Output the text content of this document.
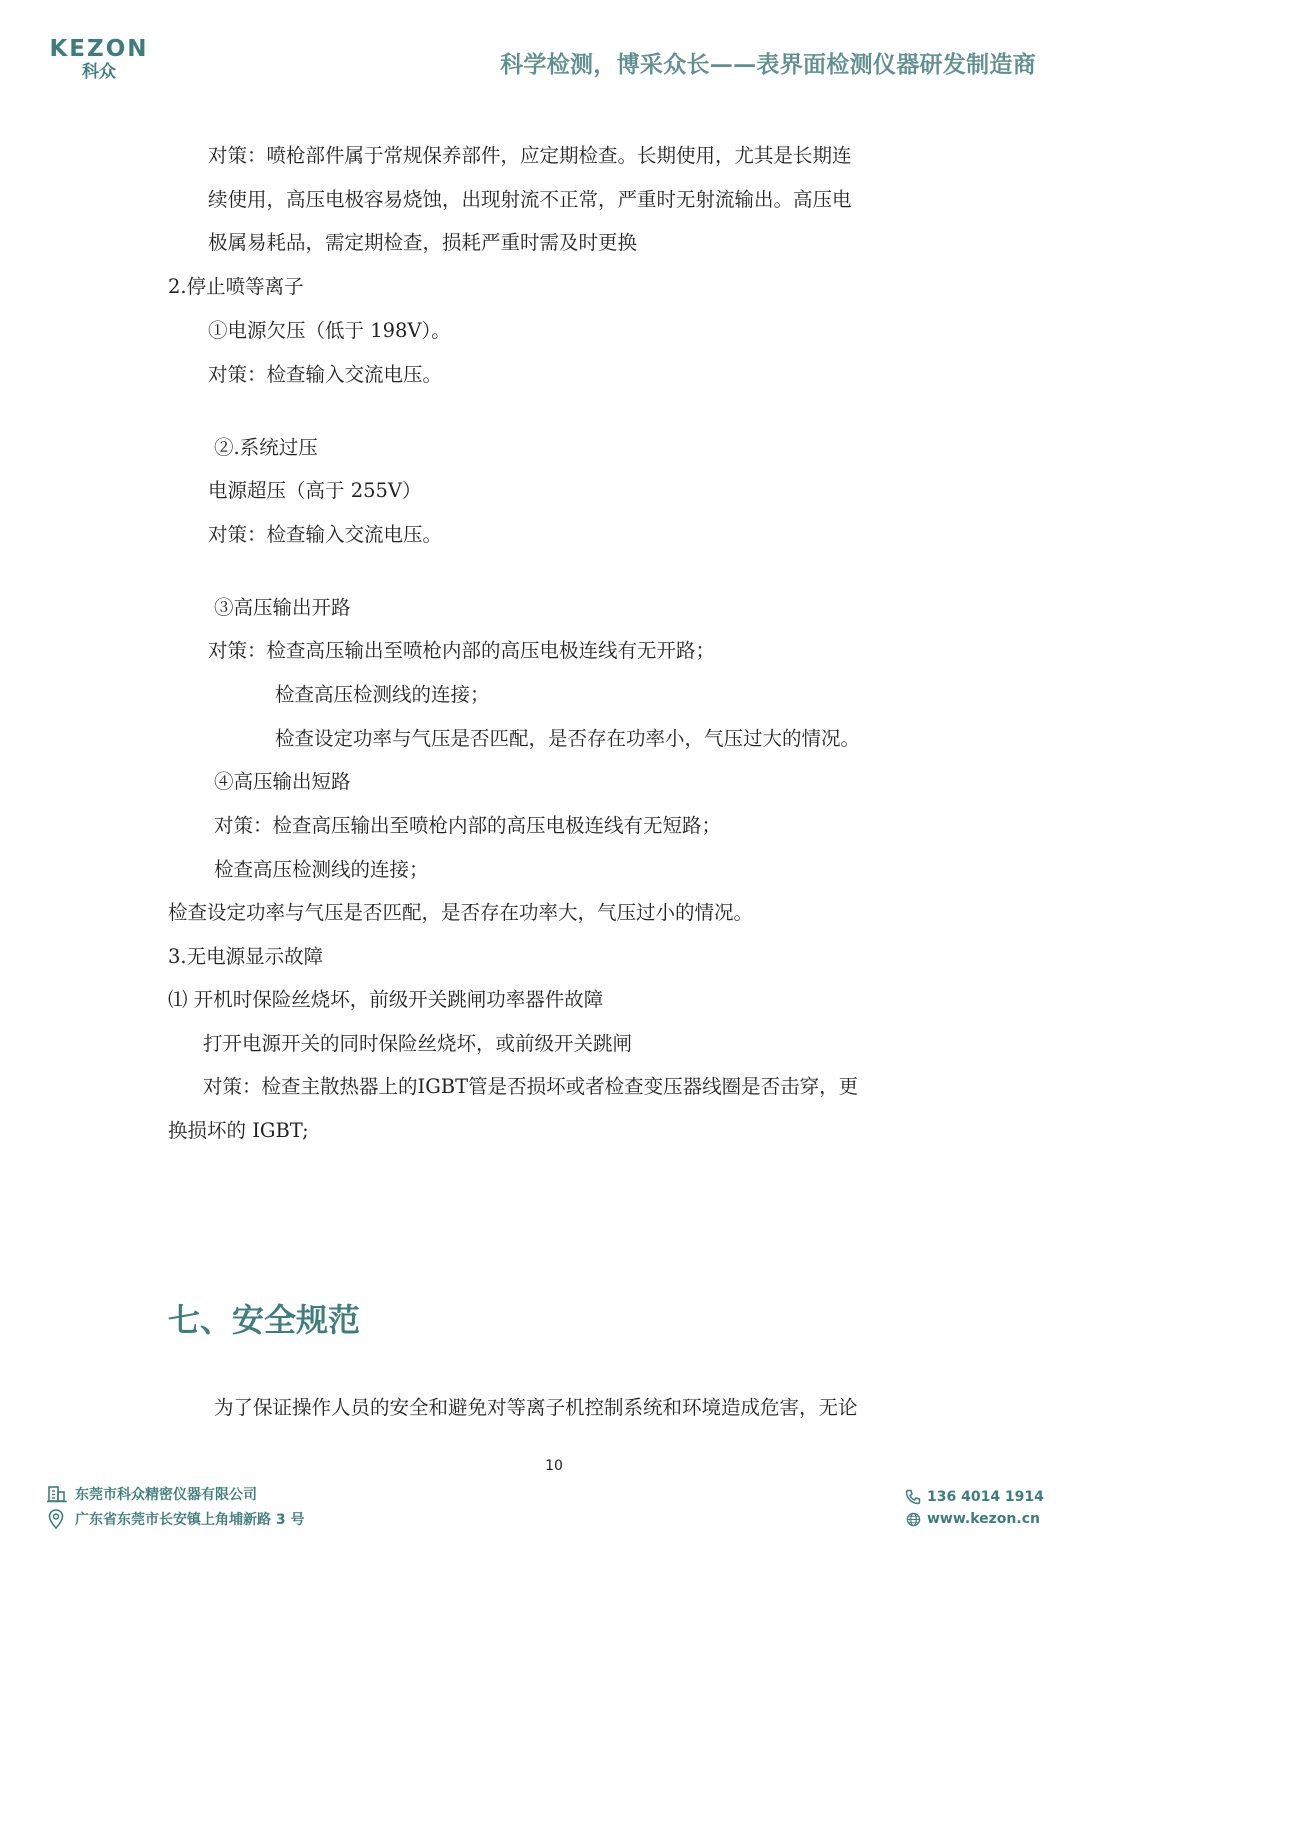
KEZON
科众	科学检测，博采众长——表界面检测仪器研发制造商
对策：喷枪部件属于常规保养部件，应定期检查。长期使用，尤其是长期连
续使用，高压电极容易烧蚀，出现射流不正常，严重时无射流输出。高压电
极属易耗品，需定期检查，损耗严重时需及时更换
2.停止喷等离子
①电源欠压（低于 198V）。
对策：检查输入交流电压。
②.系统过压
电源超压（高于 255V）
对策：检查输入交流电压。
③高压输出开路
对策：检查高压输出至喷枪内部的高压电极连线有无开路；
检查高压检测线的连接；
检查设定功率与气压是否匹配，是否存在功率小，气压过大的情况。
④高压输出短路
对策：检查高压输出至喷枪内部的高压电极连线有无短路；
检查高压检测线的连接；
检查设定功率与气压是否匹配，是否存在功率大，气压过小的情况。
3.无电源显示故障
⑴ 开机时保险丝烧坏，前级开关跳闸功率器件故障
打开电源开关的同时保险丝烧坏，或前级开关跳闸
对策：检查主散热器上的IGBT管是否损坏或者检查变压器线圈是否击穿，更
换损坏的 IGBT;
七、安全规范
为了保证操作人员的安全和避免对等离子机控制系统和环境造成危害，无论
10
东莞市科众精密仪器有限公司
广东省东莞市长安镇上角埔新路 3 号
136 4014 1914
www.kezon.cn
